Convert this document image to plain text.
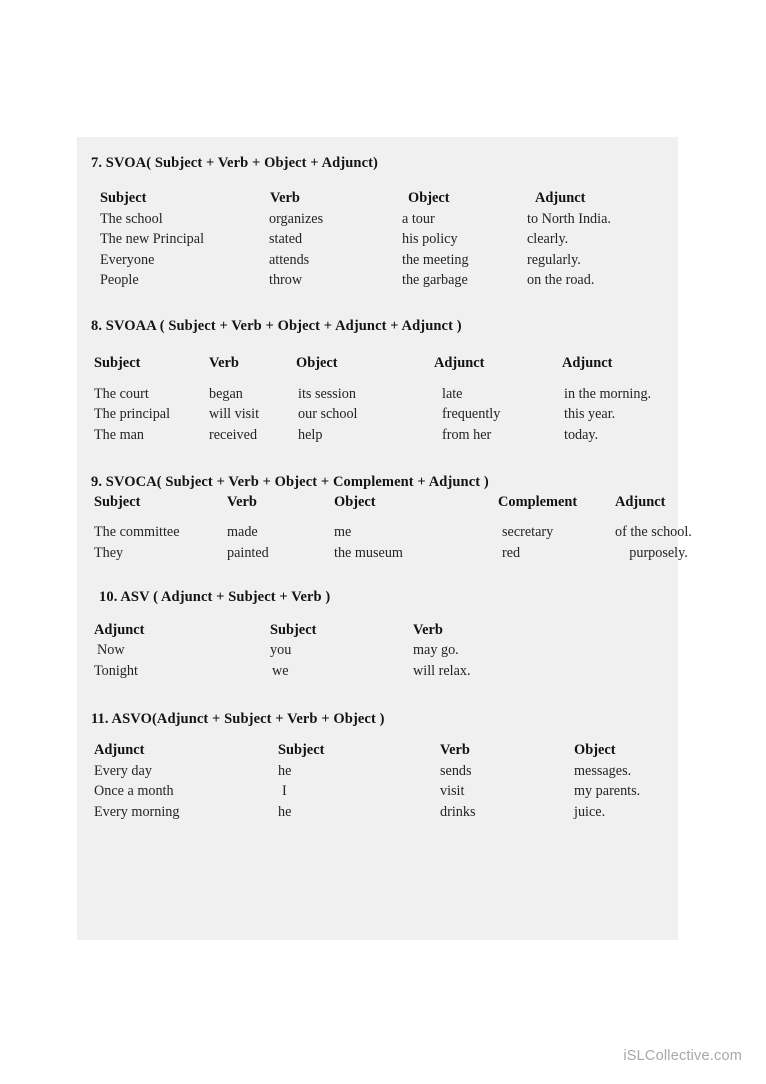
7. SVOA( Subject + Verb + Object + Adjunct)
Subject	Verb	Object	Adjunct
The school	organizes	a tour	to North India.
The new Principal	stated	his policy	clearly.
Everyone	attends	the meeting	regularly.
People	throw	the garbage	on the road.
8. SVOAA ( Subject + Verb + Object + Adjunct + Adjunct )
Subject	Verb	Object	Adjunct	Adjunct
The court	began	its session	late	in the morning.
The principal	will visit	our school	frequently	this year.
The man	received	help	from her	today.
9. SVOCA( Subject + Verb + Object + Complement + Adjunct )
Subject	Verb	Object	Complement	Adjunct
The committee	made	me	secretary	of the school.
They	painted	the museum	red	purposely.
10. ASV ( Adjunct + Subject + Verb )
Adjunct	Subject	Verb
Now	you	may go.
Tonight	we	will relax.
11. ASVO(Adjunct + Subject + Verb + Object )
Adjunct	Subject	Verb	Object
Every day	he	sends	messages.
Once a month	I	visit	my parents.
Every morning	he	drinks	juice.
iSLCollective.com
